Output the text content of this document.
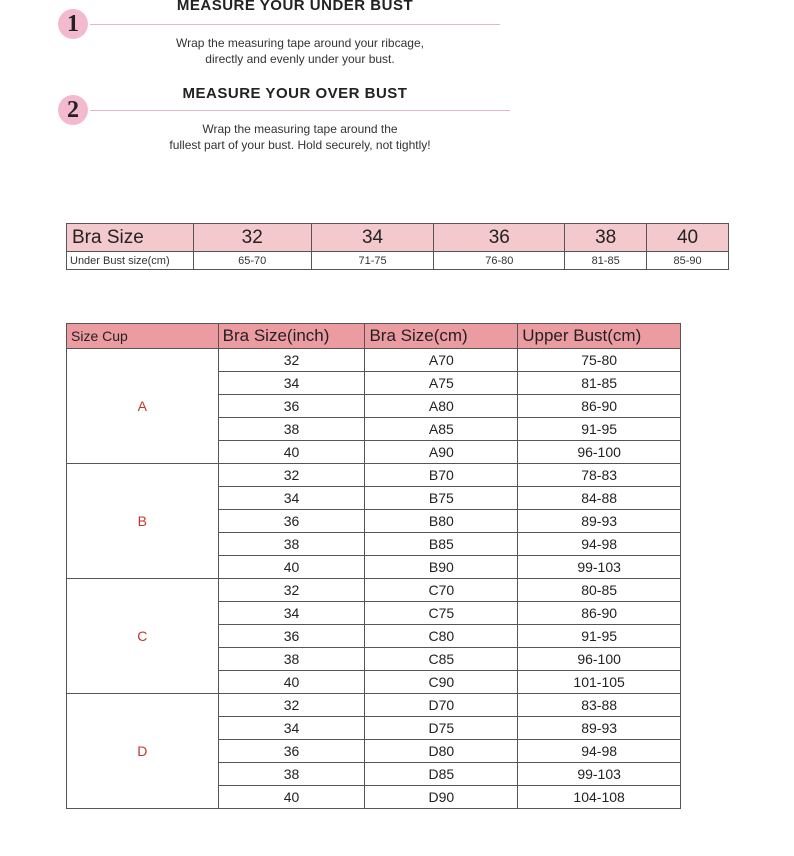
1
MEASURE YOUR UNDER BUST
Wrap the measuring tape around your ribcage,
directly and evenly under your bust.
2
MEASURE YOUR OVER BUST
Wrap the measuring tape around the
fullest part of your bust. Hold securely, not tightly!
Bra Size	32	34	36	38	40
Under Bust size(cm)	65-70	71-75	76-80	81-85	85-90
Size Cup	Bra Size(inch)	Bra Size(cm)	Upper Bust(cm)
A	32	A70	75-80
	34	A75	81-85
	36	A80	86-90
	38	A85	91-95
	40	A90	96-100
B	32	B70	78-83
	34	B75	84-88
	36	B80	89-93
	38	B85	94-98
	40	B90	99-103
C	32	C70	80-85
	34	C75	86-90
	36	C80	91-95
	38	C85	96-100
	40	C90	101-105
D	32	D70	83-88
	34	D75	89-93
	36	D80	94-98
	38	D85	99-103
	40	D90	104-108
